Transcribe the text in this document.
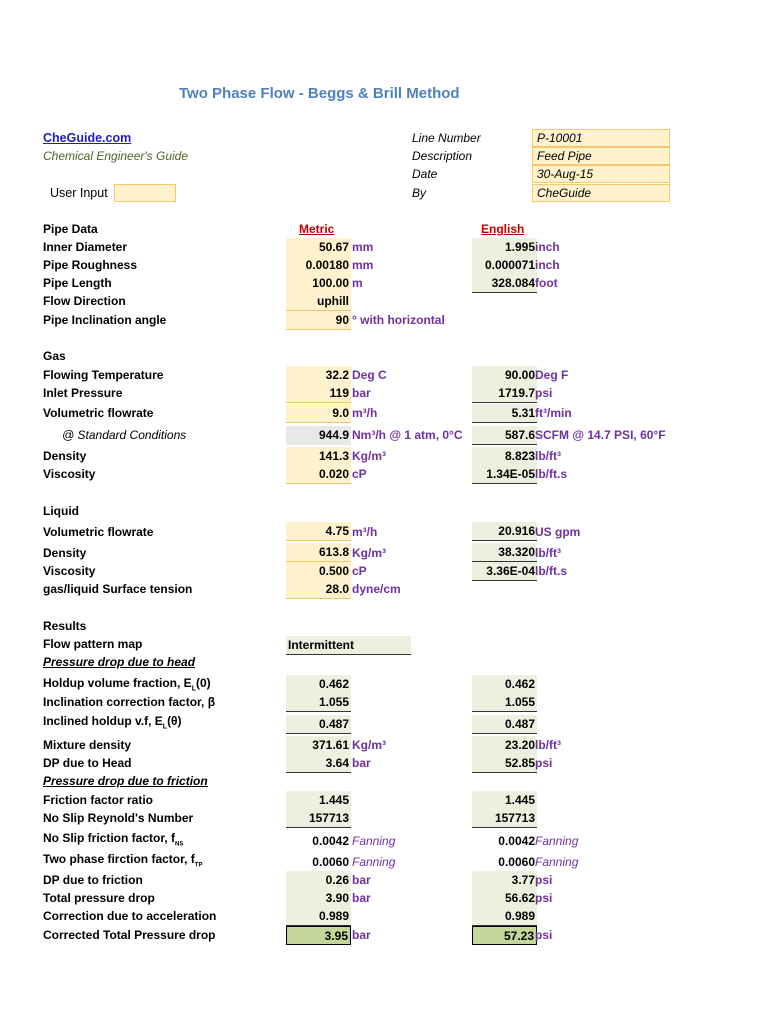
Two Phase Flow - Beggs & Brill Method
CheGuide.com
Chemical Engineer's Guide
User Input
Line Number	P-10001
Description	Feed Pipe
Date	30-Aug-15
By	CheGuide
Pipe Data	Metric	English
Inner Diameter	50.67 mm	1.995 inch
Pipe Roughness	0.00180 mm	0.000071 inch
Pipe Length	100.00 m	328.084 foot
Flow Direction	uphill
Pipe Inclination angle	90 ° with horizontal
Gas
Flowing Temperature	32.2 Deg C	90.00 Deg F
Inlet Pressure	119 bar	1719.7 psi
Volumetric flowrate	9.0 m³/h	5.31 ft³/min
@ Standard Conditions	944.9 Nm³/h @ 1 atm, 0°C	587.6 SCFM @ 14.7 PSI, 60°F
Density	141.3 Kg/m³	8.823 lb/ft³
Viscosity	0.020 cP	1.34E-05 lb/ft.s
Liquid
Volumetric flowrate	4.75 m³/h	20.916 US gpm
Density	613.8 Kg/m³	38.320 lb/ft³
Viscosity	0.500 cP	3.36E-04 lb/ft.s
gas/liquid Surface tension	28.0 dyne/cm
Results
Flow pattern map	Intermittent
Pressure drop due to head
Holdup volume fraction, $E_L(0)$	0.462	0.462
Inclination correction factor, β	1.055	1.055
Inclined holdup v.f, $E_L(\theta)$	0.487	0.487
Mixture density	371.61 Kg/m³	23.20 lb/ft³
DP due to Head	3.64 bar	52.85 psi
Pressure drop due to friction
Friction factor ratio	1.445	1.445
No Slip Reynold's Number	157713	157713
No Slip friction factor, $f_{NS}$	0.0042 Fanning	0.0042 Fanning
Two phase firction factor, $f_{TP}$	0.0060 Fanning	0.0060 Fanning
DP due to friction	0.26 bar	3.77 psi
Total pressure drop	3.90 bar	56.62 psi
Correction due to acceleration	0.989	0.989
Corrected Total Pressure drop	3.95 bar	57.23 psi
